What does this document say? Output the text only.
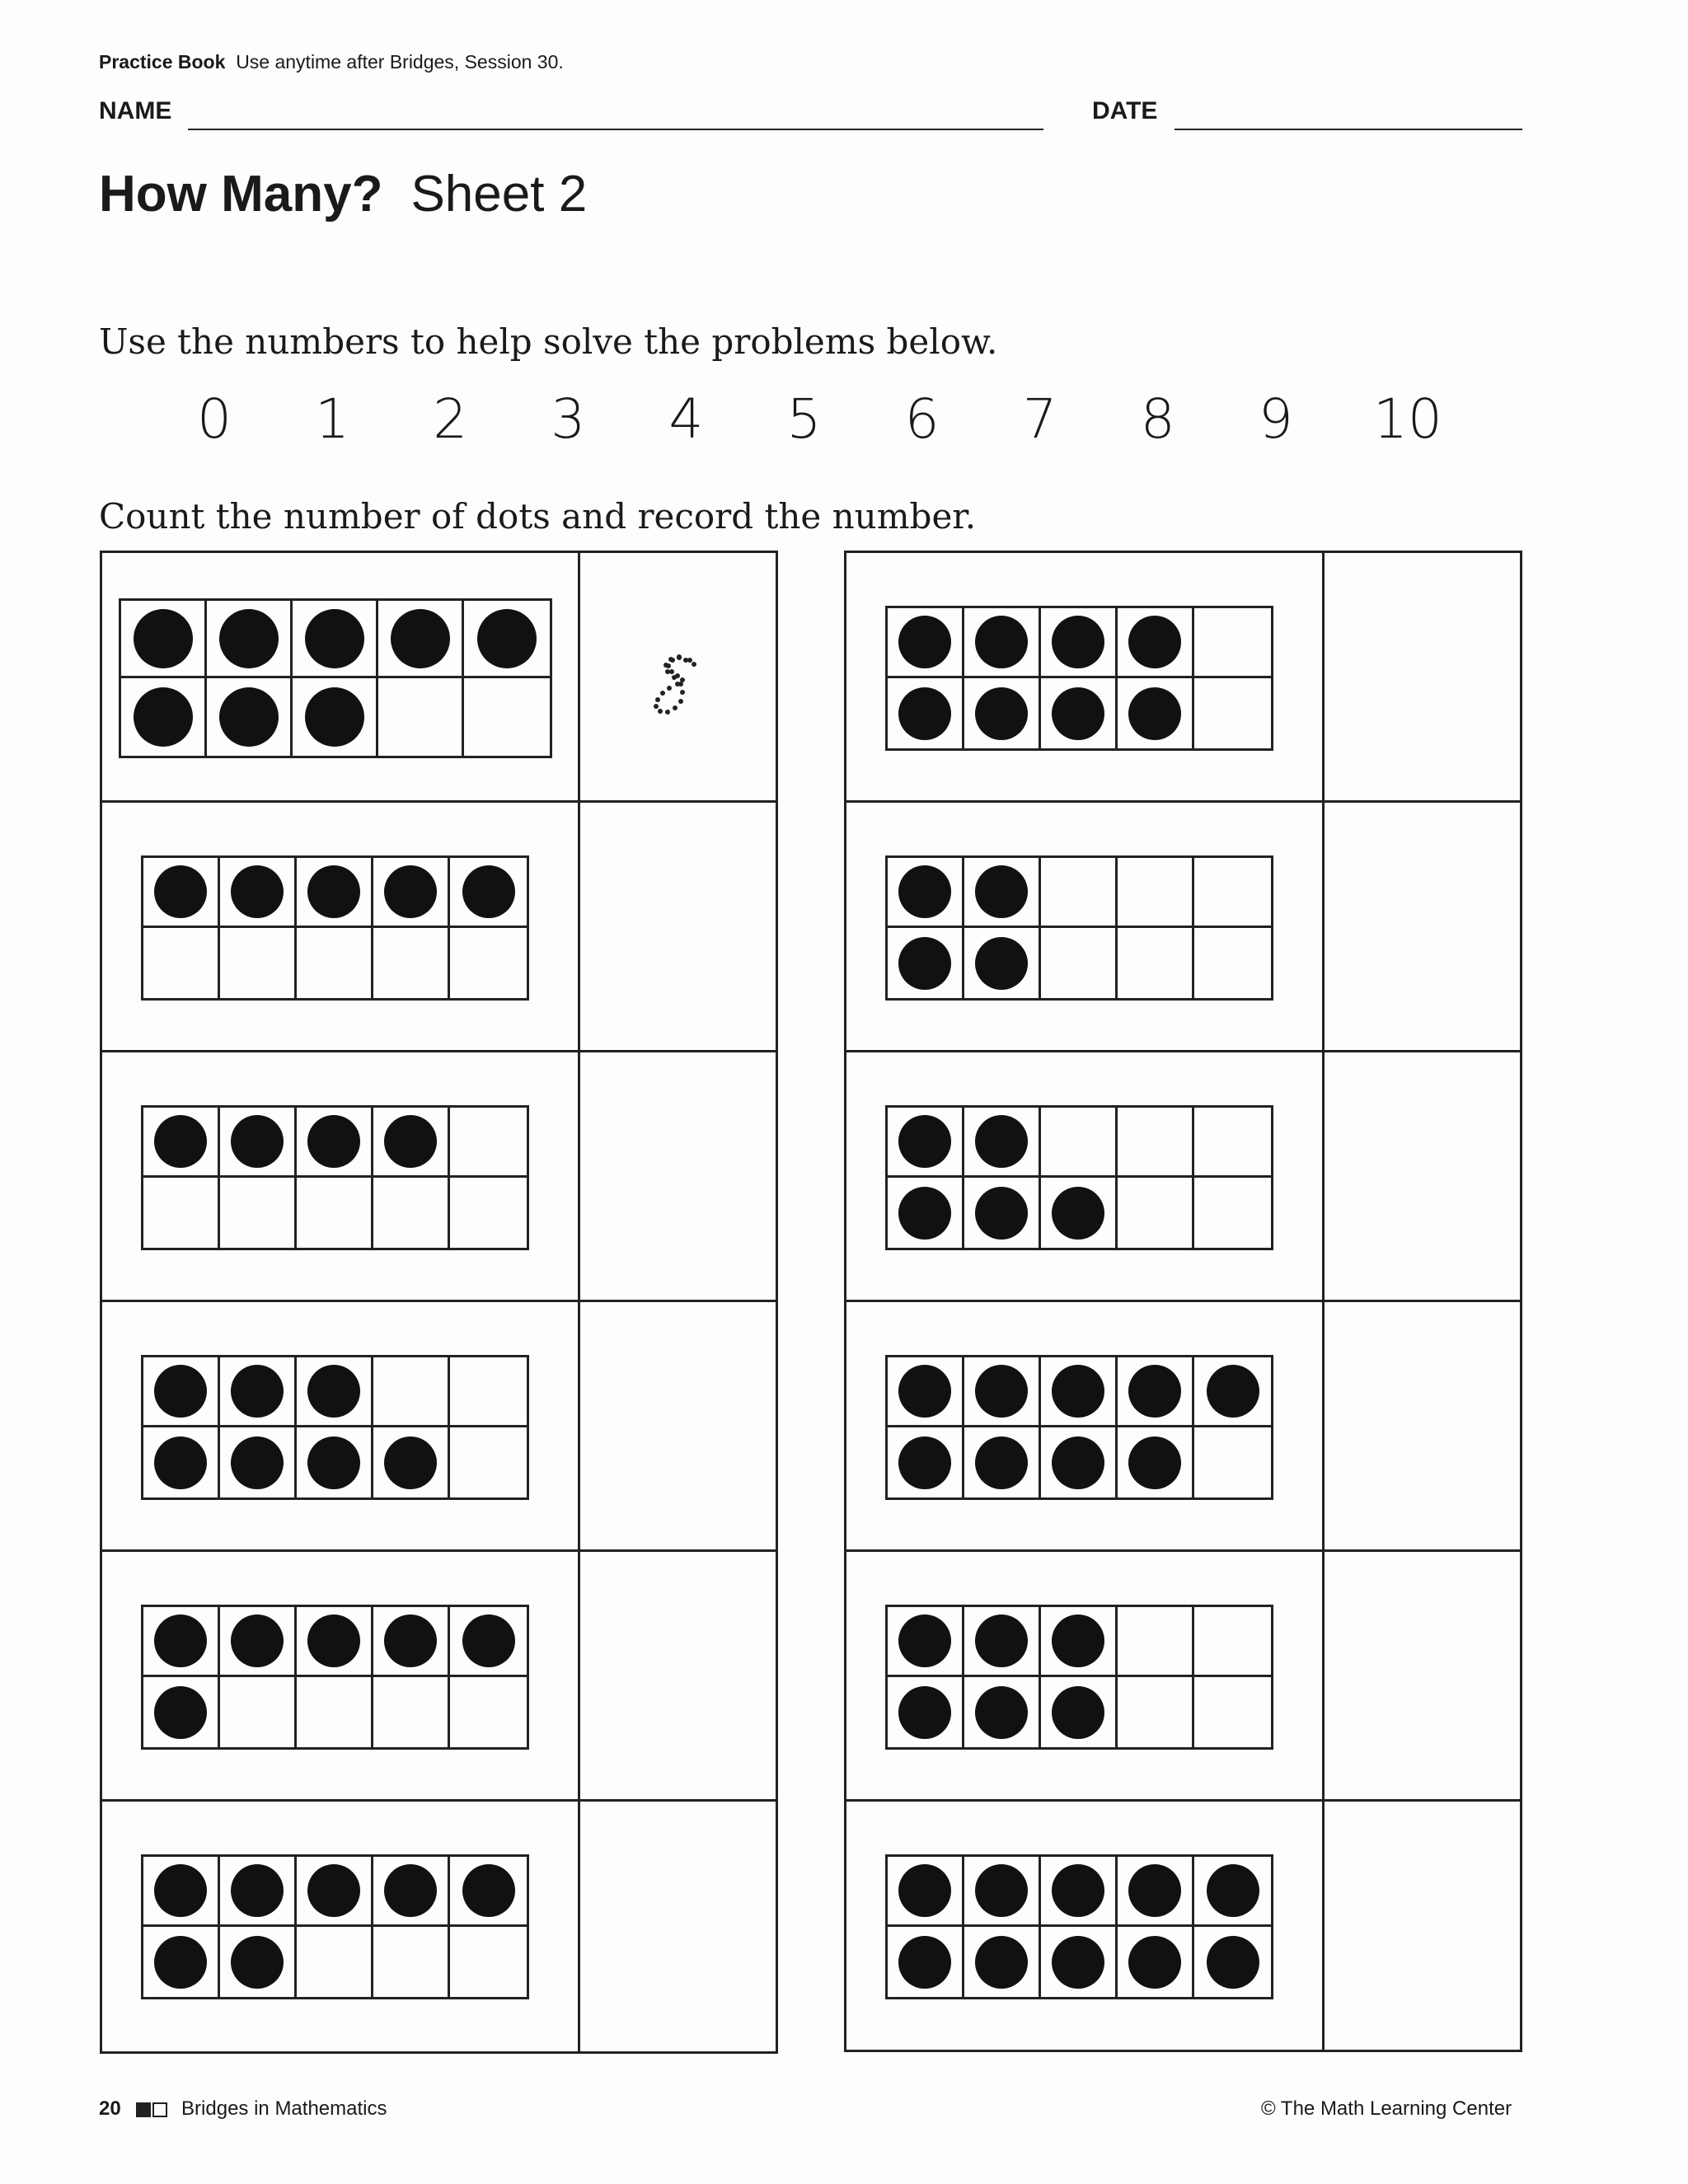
Practice Book Use anytime after Bridges, Session 30.
NAME	DATE
How Many? Sheet 2
Use the numbers to help solve the problems below.
0 1 2 3 4 5 6 7 8 9 10
Count the number of dots and record the number.
20	Bridges in Mathematics	© The Math Learning Center
